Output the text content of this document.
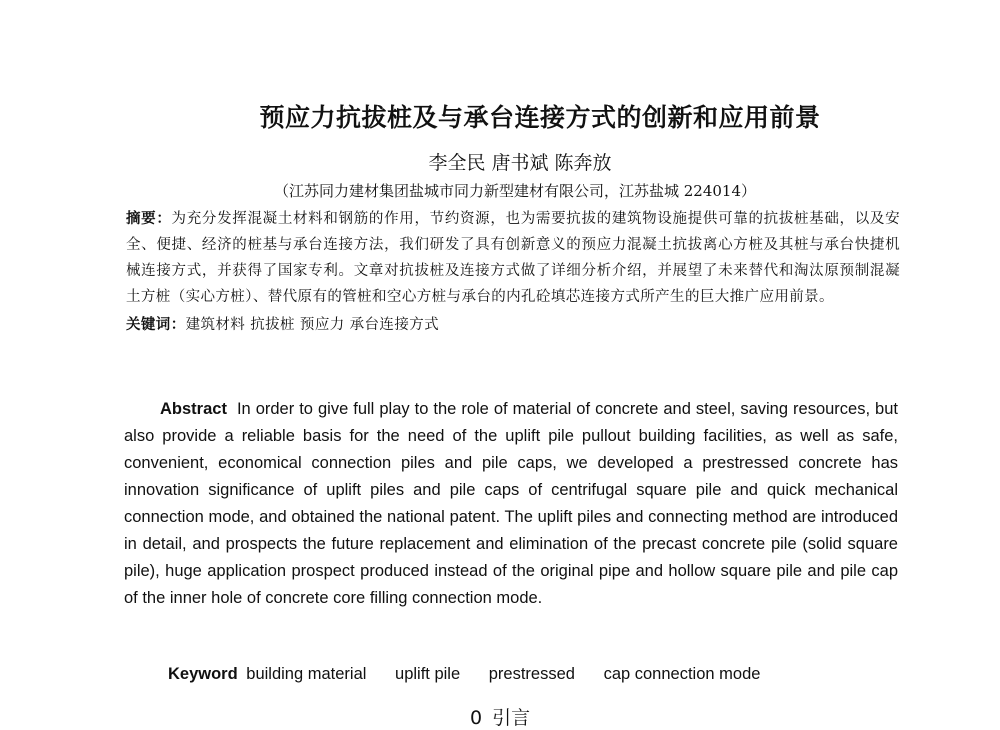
预应力抗拔桩及与承台连接方式的创新和应用前景
李全民 唐书斌 陈奔放
（江苏同力建材集团盐城市同力新型建材有限公司，江苏盐城 224014）
摘要：为充分发挥混凝土材料和钢筋的作用，节约资源，也为需要抗拔的建筑物设施提供可靠的抗拔桩基础，以及安全、便捷、经济的桩基与承台连接方法，我们研发了具有创新意义的预应力混凝土抗拔离心方桩及其桩与承台快捷机械连接方式，并获得了国家专利。文章对抗拔桩及连接方式做了详细分析介绍，并展望了未来替代和淘汰原预制混凝土方桩（实心方桩）、替代原有的管桩和空心方桩与承台的内孔砼填芯连接方式所产生的巨大推广应用前景。
关键词：建筑材料 抗拔桩 预应力 承台连接方式
Abstract In order to give full play to the role of material of concrete and steel, saving resources, but also provide a reliable basis for the need of the uplift pile pullout building facilities, as well as safe, convenient, economical connection piles and pile caps, we developed a prestressed concrete has innovation significance of uplift piles and pile caps of centrifugal square pile and quick mechanical connection mode, and obtained the national patent. The uplift piles and connecting method are introduced in detail, and prospects the future replacement and elimination of the precast concrete pile (solid square pile), huge application prospect produced instead of the original pipe and hollow square pile and pile cap of the inner hole of concrete core filling connection mode.
Keyword building material uplift pile prestressed cap connection mode
0 引言
